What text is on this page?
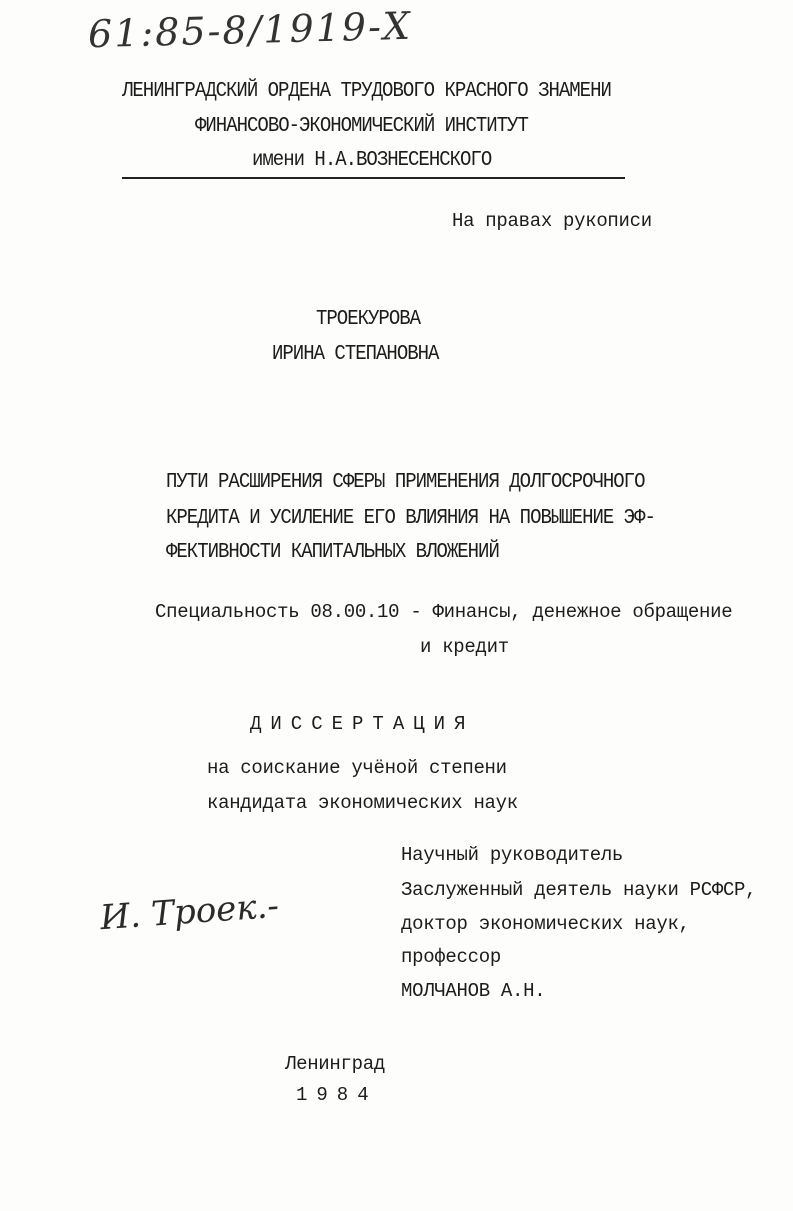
61:85-8/1919-Х
ЛЕНИНГРАДСКИЙ ОРДЕНА ТРУДОВОГО КРАСНОГО ЗНАМЕНИ
ФИНАНСОВО-ЭКОНОМИЧЕСКИЙ ИНСТИТУТ
имени Н.А.ВОЗНЕСЕНСКОГО
На правах рукописи
ТРОЕКУРОВА
ИРИНА СТЕПАНОВНА
ПУТИ РАСШИРЕНИЯ СФЕРЫ ПРИМЕНЕНИЯ ДОЛГОСРОЧНОГО
КРЕДИТА И УСИЛЕНИЕ ЕГО ВЛИЯНИЯ НА ПОВЫШЕНИЕ ЭФ-
ФЕКТИВНОСТИ КАПИТАЛЬНЫХ ВЛОЖЕНИЙ
Специальность 08.00.10 - Финансы, денежное обращение
и кредит
ДИССЕРТАЦИЯ
на соискание учёной степени
кандидата экономических наук
Научный руководитель
Заслуженный деятель науки РСФСР,
доктор экономических наук,
профессор
МОЛЧАНОВ А.Н.
И. Троек.-
Ленинград
1984
